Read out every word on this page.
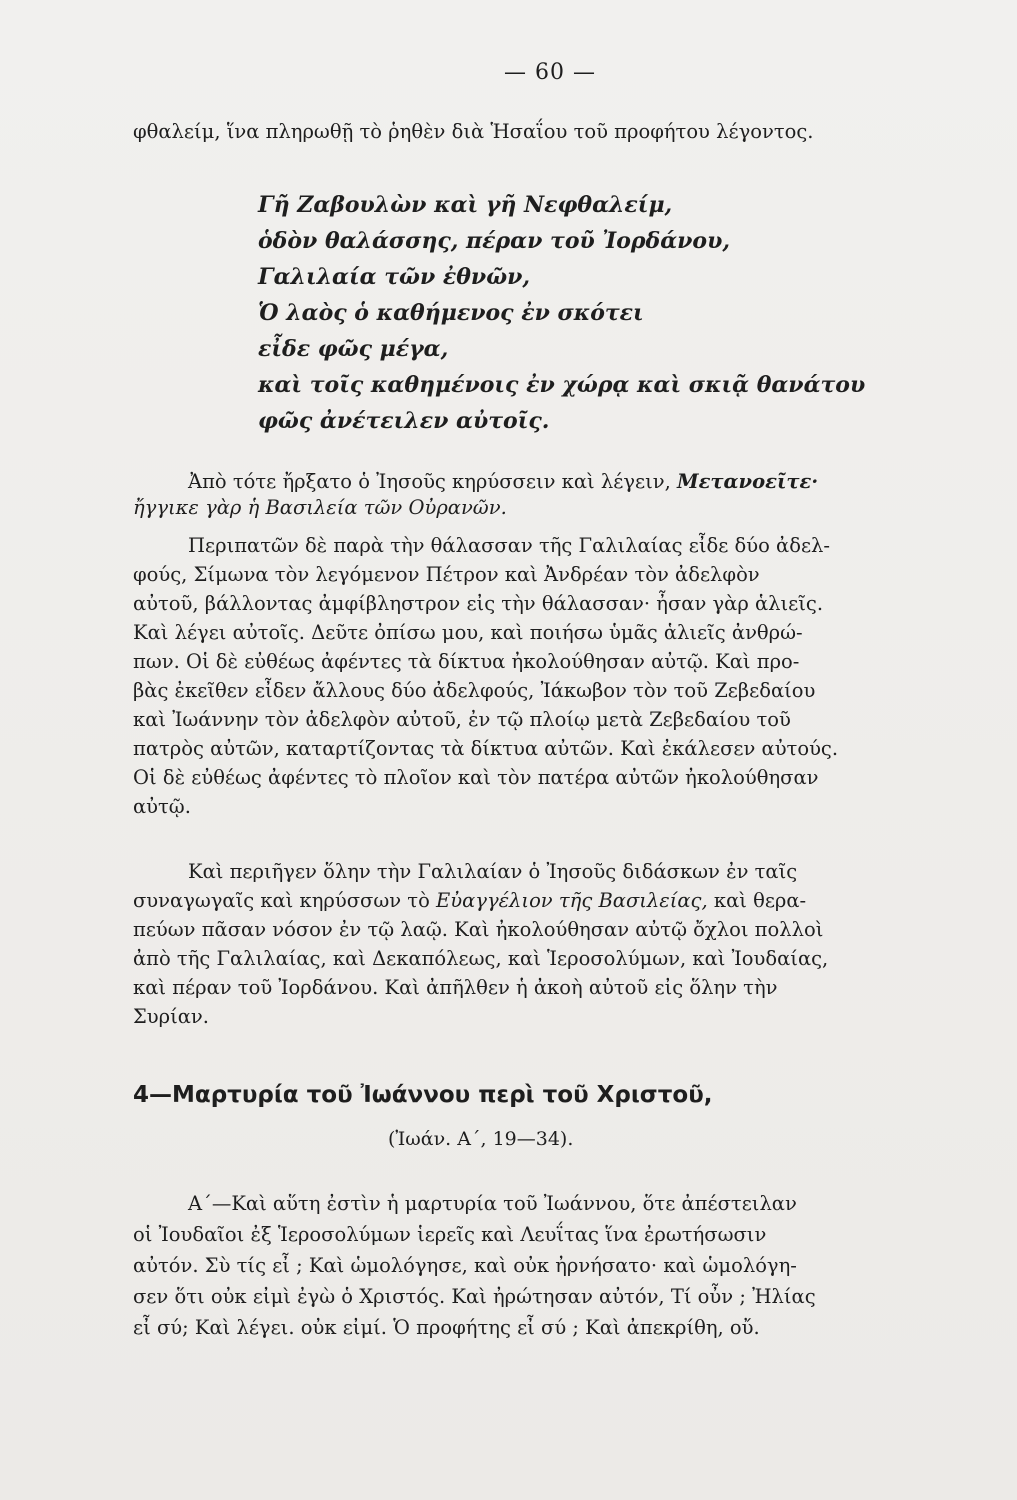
— 60 —
φθαλείμ, ἵνα πληρωθῇ τὸ ῥηθὲν διὰ Ἡσαΐου τοῦ προφήτου λέγοντος.
Γῆ Ζαβουλὼν καὶ γῆ Νεφθαλείμ,
ὁδὸν θαλάσσης, πέραν τοῦ Ἰορδάνου,
Γαλιλαία τῶν ἐθνῶν,
Ὁ λαὸς ὁ καθήμενος ἐν σκότει
εἶδε φῶς μέγα,
καὶ τοῖς καθημένοις ἐν χώρᾳ καὶ σκιᾷ θανάτου
φῶς ἀνέτειλεν αὐτοῖς.
Ἀπὸ τότε ἤρξατο ὁ Ἰησοῦς κηρύσσειν καὶ λέγειν, Μετανοεῖτε·
ἤγγικε γὰρ ἡ Βασιλεία τῶν Οὐρανῶν.
Περιπατῶν δὲ παρὰ τὴν θάλασσαν τῆς Γαλιλαίας εἶδε δύο ἀδελ-
φούς, Σίμωνα τὸν λεγόμενον Πέτρον καὶ Ἀνδρέαν τὸν ἀδελφὸν
αὐτοῦ, βάλλοντας ἀμφίβληστρον εἰς τὴν θάλασσαν· ἦσαν γὰρ ἁλιεῖς.
Καὶ λέγει αὐτοῖς. Δεῦτε ὀπίσω μου, καὶ ποιήσω ὑμᾶς ἁλιεῖς ἀνθρώ-
πων. Οἱ δὲ εὐθέως ἀφέντες τὰ δίκτυα ἠκολούθησαν αὐτῷ. Καὶ προ-
βὰς ἐκεῖθεν εἶδεν ἄλλους δύο ἀδελφούς, Ἰάκωβον τὸν τοῦ Ζεβεδαίου
καὶ Ἰωάννην τὸν ἀδελφὸν αὐτοῦ, ἐν τῷ πλοίῳ μετὰ Ζεβεδαίου τοῦ
πατρὸς αὐτῶν, καταρτίζοντας τὰ δίκτυα αὐτῶν. Καὶ ἐκάλεσεν αὐτούς.
Οἱ δὲ εὐθέως ἀφέντες τὸ πλοῖον καὶ τὸν πατέρα αὐτῶν ἠκολούθησαν
αὐτῷ.
Καὶ περιῆγεν ὅλην τὴν Γαλιλαίαν ὁ Ἰησοῦς διδάσκων ἐν ταῖς
συναγωγαῖς καὶ κηρύσσων τὸ Εὐαγγέλιον τῆς Βασιλείας, καὶ θερα-
πεύων πᾶσαν νόσον ἐν τῷ λαῷ. Καὶ ἠκολούθησαν αὐτῷ ὄχλοι πολλοὶ
ἀπὸ τῆς Γαλιλαίας, καὶ Δεκαπόλεως, καὶ Ἱεροσολύμων, καὶ Ἰουδαίας,
καὶ πέραν τοῦ Ἰορδάνου. Καὶ ἀπῆλθεν ἡ ἀκοὴ αὐτοῦ εἰς ὅλην τὴν
Συρίαν.
4—Μαρτυρία τοῦ Ἰωάννου περὶ τοῦ Χριστοῦ,
(Ἰωάν. Α΄, 19—34).
Α΄—Καὶ αὕτη ἐστὶν ἡ μαρτυρία τοῦ Ἰωάννου, ὅτε ἀπέστειλαν
οἱ Ἰουδαῖοι ἐξ Ἱεροσολύμων ἱερεῖς καὶ Λευΐτας ἵνα ἐρωτήσωσιν
αὐτόν. Σὺ τίς εἶ ; Καὶ ὡμολόγησε, καὶ οὐκ ἠρνήσατο· καὶ ὡμολόγη-
σεν ὅτι οὐκ εἰμὶ ἐγὼ ὁ Χριστός. Καὶ ἠρώτησαν αὐτόν, Τί οὖν ; Ἠλίας
εἶ σύ; Καὶ λέγει. οὐκ εἰμί. Ὁ προφήτης εἶ σύ ; Καὶ ἀπεκρίθη, οὔ.
